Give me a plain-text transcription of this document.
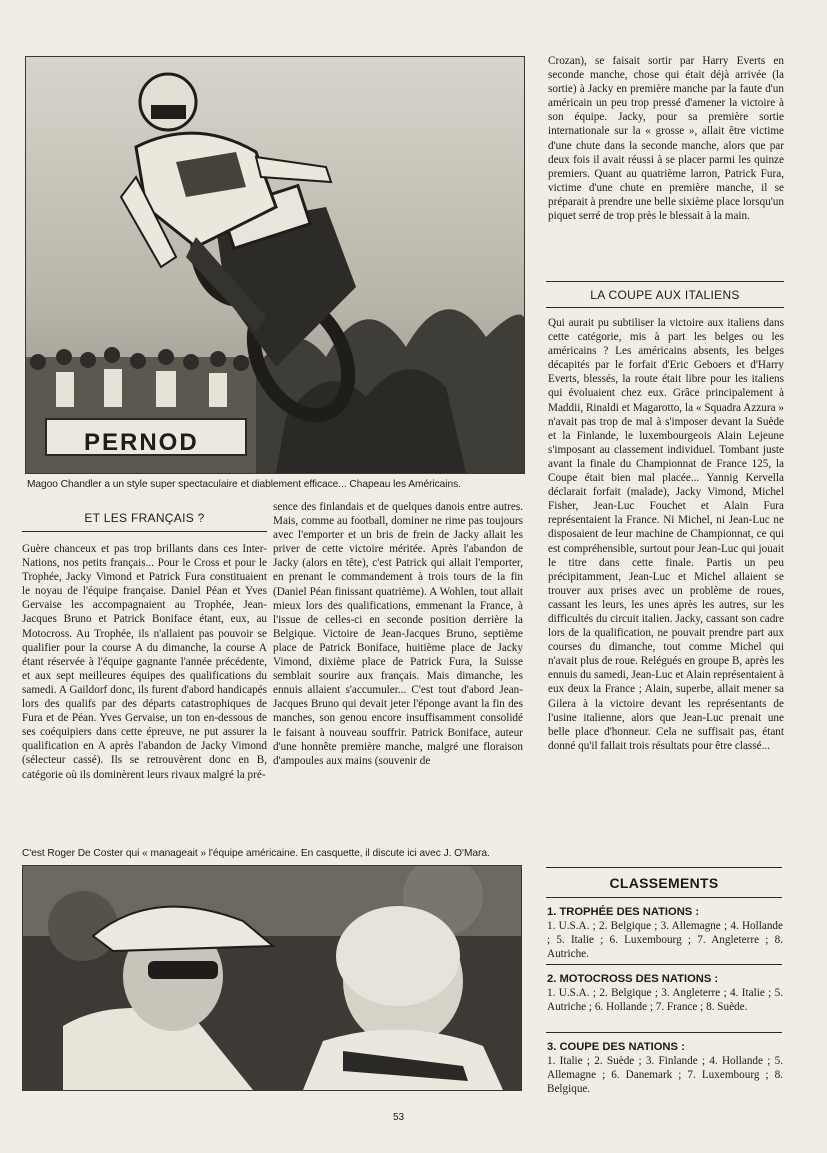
PERNOD
Magoo Chandler a un style super spectaculaire et diablement efficace... Chapeau les Américains.
ET LES FRANÇAIS ?

Guère chanceux et pas trop brillants dans ces Inter-Nations, nos petits français... Pour le Cross et pour le Trophée, Jacky Vimond et Patrick Fura constituaient le noyau de l'équipe française. Daniel Péan et Yves Gervaise les accompagnaient au Trophée, Jean-Jacques Bruno et Patrick Boniface étant, eux, au Motocross. Au Trophée, ils n'allaient pas pouvoir se qualifier pour la course A du dimanche, la course A étant réservée à l'équipe gagnante l'année précédente, et aux sept meilleures équipes des qualifications du samedi. A Gaildorf donc, ils furent d'abord handicapés lors des qualifs par des départs catastrophiques de Fura et de Péan. Yves Gervaise, un ton en-dessous de ses coéquipiers dans cette épreuve, ne put assurer la qualification en A après l'abandon de Jacky Vimond (sélecteur cassé). Ils se retrouvèrent donc en B, catégorie où ils dominèrent leurs rivaux malgré la pré-

sence des finlandais et de quelques danois entre autres. Mais, comme au football, dominer ne rime pas toujours avec l'emporter et un bris de frein de Jacky allait les priver de cette victoire méritée. Après l'abandon de Jacky (alors en tête), c'est Patrick qui allait l'emporter, en prenant le commandement à trois tours de la fin (Daniel Péan finissant quatrième). A Wohlen, tout allait mieux lors des qualifications, emmenant la France, à l'issue de celles-ci en seconde position derrière la Belgique. Victoire de Jean-Jacques Bruno, septième place de Patrick Boniface, huitième place de Jacky Vimond, dixième place de Patrick Fura, la Suisse semblait sourire aux français. Mais dimanche, les ennuis allaient s'accumuler... C'est tout d'abord Jean-Jacques Bruno qui devait jeter l'éponge avant la fin des manches, son genou encore insuffisamment consolidé le faisant à nouveau souffrir. Patrick Boniface, auteur d'une honnête première manche, malgré une floraison d'ampoules aux mains (souvenir de

Crozan), se faisait sortir par Harry Everts en seconde manche, chose qui était déjà arrivée (la sortie) à Jacky en première manche par la faute d'un américain un peu trop pressé d'amener la victoire à son équipe. Jacky, pour sa première sortie internationale sur la « grosse », allait être victime d'une chute dans la seconde manche, alors que par deux fois il avait réussi à se placer parmi les quinze premiers. Quant au quatrième larron, Patrick Fura, victime d'une chute en première manche, il se préparait à prendre une belle sixième place lorsqu'un piquet serré de trop près le blessait à la main.

LA COUPE AUX ITALIENS

Qui aurait pu subtiliser la victoire aux italiens dans cette catégorie, mis à part les belges ou les américains ? Les américains absents, les belges décapités par le forfait d'Eric Geboers et d'Harry Everts, blessés, la route était libre pour les italiens qui évoluaient chez eux. Grâce principalement à Maddii, Rinaldi et Magarotto, la « Squadra Azzura » n'avait pas trop de mal à s'imposer devant la Suède et la Finlande, le luxembourgeois Alain Lejeune s'imposant au classement individuel. Tombant juste avant la finale du Championnat de France 125, la Coupe était bien mal placée... Yannig Kervella déclarait forfait (malade), Jacky Vimond, Michel Fisher, Jean-Luc Fouchet et Alain Fura représentaient la France. Ni Michel, ni Jean-Luc ne disposaient de leur machine de Championnat, ce qui est compréhensible, surtout pour Jean-Luc qui jouait le titre dans cette finale. Partis un peu précipitamment, Jean-Luc et Michel allaient se trouver aux prises avec un problème de roues, cassant les leurs, les unes après les autres, sur les difficultés du circuit italien. Jacky, cassant son cadre lors de la qualification, ne pouvait prendre part aux courses du dimanche, tout comme Michel qui n'avait plus de roue. Relégués en groupe B, après les ennuis du samedi, Jean-Luc et Alain représentaient à eux deux la France ; Alain, superbe, allait mener sa Gilera à la victoire devant les représentants de l'usine italienne, alors que Jean-Luc prenait une belle place d'honneur. Cela ne suffisait pas, étant donné qu'il fallait trois résultats pour être classé...

C'est Roger De Coster qui « manageait » l'équipe américaine. En casquette, il discute ici avec J. O'Mara.
CLASSEMENTS
1. TROPHÉE DES NATIONS :
1. U.S.A. ; 2. Belgique ; 3. Allemagne ; 4. Hollande ; 5. Italie ; 6. Luxembourg ; 7. Angleterre ; 8. Autriche.
2. MOTOCROSS DES NATIONS :
1. U.S.A. ; 2. Belgique ; 3. Angleterre ; 4. Italie ; 5. Autriche ; 6. Hollande ; 7. France ; 8. Suède.
3. COUPE DES NATIONS :
1. Italie ; 2. Suède ; 3. Finlande ; 4. Hollande ; 5. Allemagne ; 6. Danemark ; 7. Luxembourg ; 8. Belgique.
53
